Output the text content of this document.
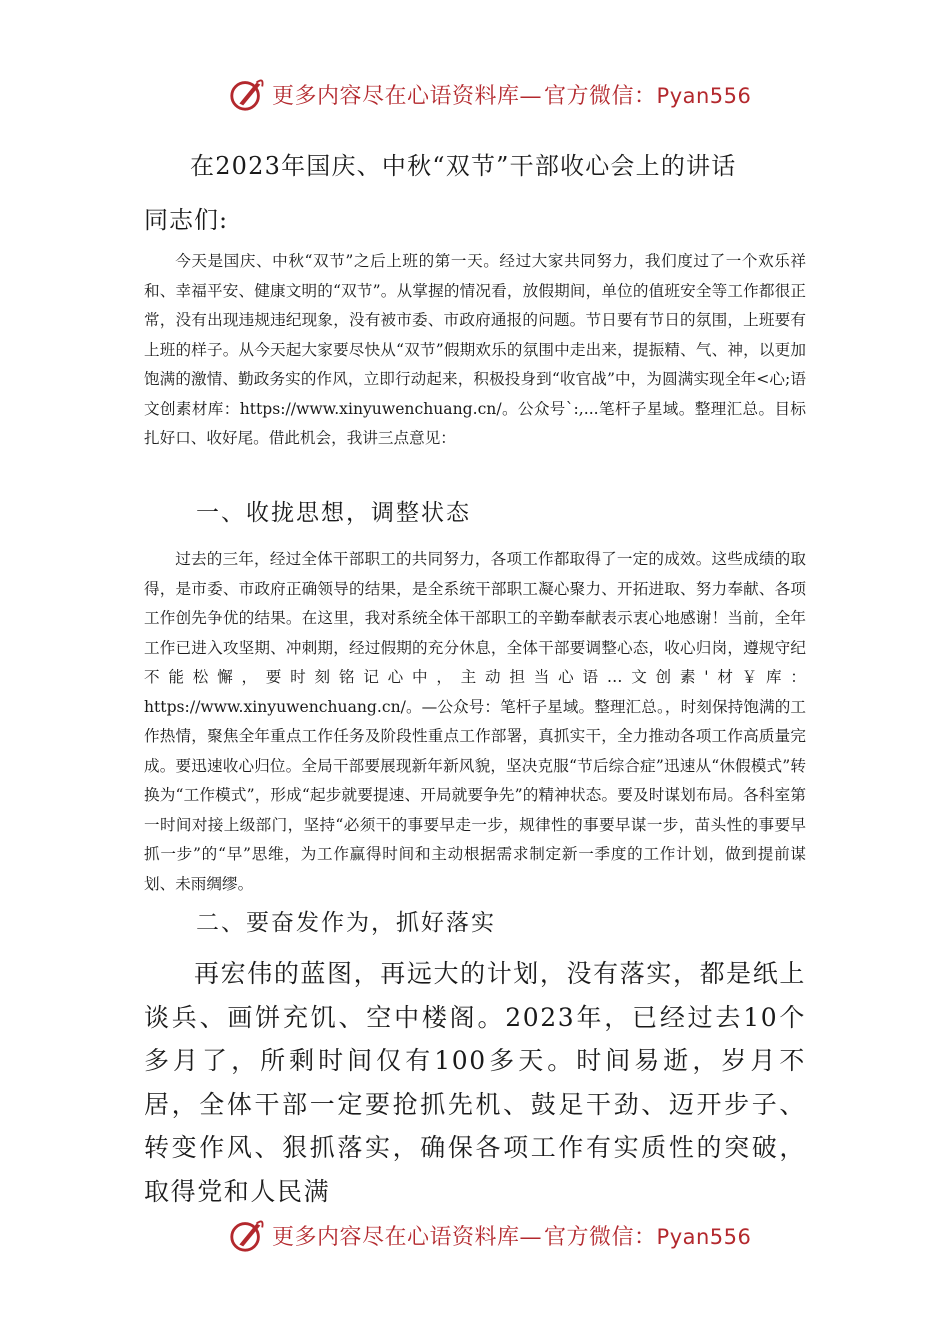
更多内容尽在心语资料库—官方微信：Pyan556
在2023年国庆、中秋“双节”干部收心会上的讲话
同志们:

今天是国庆、中秋“双节”之后上班的第一天。经过大家共同努力，我们度过了一个欢乐祥和、幸福平安、健康文明的“双节”。从掌握的情况看，放假期间，单位的值班安全等工作都很正常，没有出现违规违纪现象，没有被市委、市政府通报的问题。节日要有节日的氛围，上班要有上班的样子。从今天起大家要尽快从“双节”假期欢乐的氛围中走出来，提振精、气、神，以更加饱满的激情、勤政务实的作风，立即行动起来，积极投身到“收官战”中，为圆满实现全年<心;语文创素材库：https://www.xinyuwenchuang.cn/。公众号`:,...笔杆子星域。整理汇总。目标扎好口、收好尾。借此机会，我讲三点意见：

一、收拢思想，调整状态

过去的三年，经过全体干部职工的共同努力，各项工作都取得了一定的成效。这些成绩的取得，是市委、市政府正确领导的结果，是全系统干部职工凝心聚力、开拓进取、努力奉献、各项工作创先争优的结果。在这里，我对系统全体干部职工的辛勤奉献表示衷心地感谢！当前，全年工作已进入攻坚期、冲刺期，经过假期的充分休息，全体干部要调整心态，收心归岗，遵规守纪不能松懈，要时刻铭记心中，主动担当心语…文创素'材￥库：https://www.xinyuwenchuang.cn/。—公众号：笔杆子星域。整理汇总。，时刻保持饱满的工作热情，聚焦全年重点工作任务及阶段性重点工作部署，真抓实干，全力推动各项工作高质量完成。要迅速收心归位。全局干部要展现新年新风貌，坚决克服“节后综合症”迅速从“休假模式”转换为“工作模式”，形成“起步就要提速、开局就要争先”的精神状态。要及时谋划布局。各科室第一时间对接上级部门，坚持“必须干的事要早走一步，规律性的事要早谋一步，苗头性的事要早抓一步”的“早”思维，为工作赢得时间和主动根据需求制定新一季度的工作计划，做到提前谋划、未雨绸缪。

二、要奋发作为，抓好落实

再宏伟的蓝图，再远大的计划，没有落实，都是纸上谈兵、画饼充饥、空中楼阁。2023年，已经过去10个多月了，所剩时间仅有100多天。时间易逝，岁月不居，全体干部一定要抢抓先机、鼓足干劲、迈开步子、转变作风、狠抓落实，确保各项工作有实质性的突破，取得党和人民满

更多内容尽在心语资料库—官方微信：Pyan556
